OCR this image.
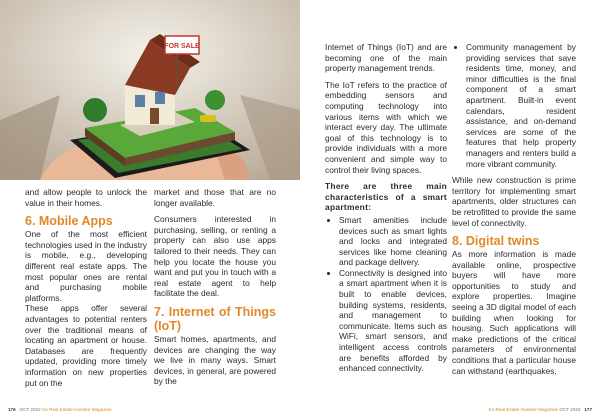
FOR SALE

and allow people to unlock the value in their homes.

6. Mobile Apps

One of the most efficient technologies used in the industry is mobile, e.g., developing different real estate apps. The most popular ones are rental and purchasing mobile platforms.

These apps offer several advantages to potential renters over the traditional means of locating an apartment or house. Databases are frequently updated, providing more timely information on new properties put on the

market and those that are no longer available.

Consumers interested in purchasing, selling, or renting a property can also use apps tailored to their needs. They can help you locate the house you want and put you in touch with a real estate agent to help facilitate the deal.

7. Internet of Things (IoT)

Smart homes, apartments, and devices are changing the way we live in many ways. Smart devices, in general, are powered by the

Internet of Things (IoT) and are becoming one of the main property management trends.

The IoT refers to the practice of embedding sensors and computing technology into various items with which we interact every day. The ultimate goal of this technology is to provide individuals with a more convenient and simple way to control their living spaces.

There are three main characteristics of a smart apartment:

• Smart amenities include devices such as smart lights and locks and integrated services like home cleaning and package delivery.
• Connectivity is designed into a smart apartment when it is built to enable devices, building systems, residents, and management to communicate. Items such as WiFi, smart sensors, and intelligent access controls are benefits afforded by enhanced connectivity.
• Community management by providing services that save residents time, money, and minor difficulties is the final component of a smart apartment. Built-in event calendars, resident assistance, and on-demand services are some of the features that help property managers and renters build a more vibrant community.

While new construction is prime territory for implementing smart apartments, older structures can be retrofitted to provide the same level of connectivity.

8. Digital twins

As more information is made available online, prospective buyers will have more opportunities to study and explore properties. Imagine seeing a 3D digital model of each building when looking for housing. Such applications will make predictions of the critical parameters of environmental conditions that a particular house can withstand (earthquakes,

176 OCT 2022 SA Real Estate Investor Magazine	SA Real Estate Investor Magazine OCT 2022 177
